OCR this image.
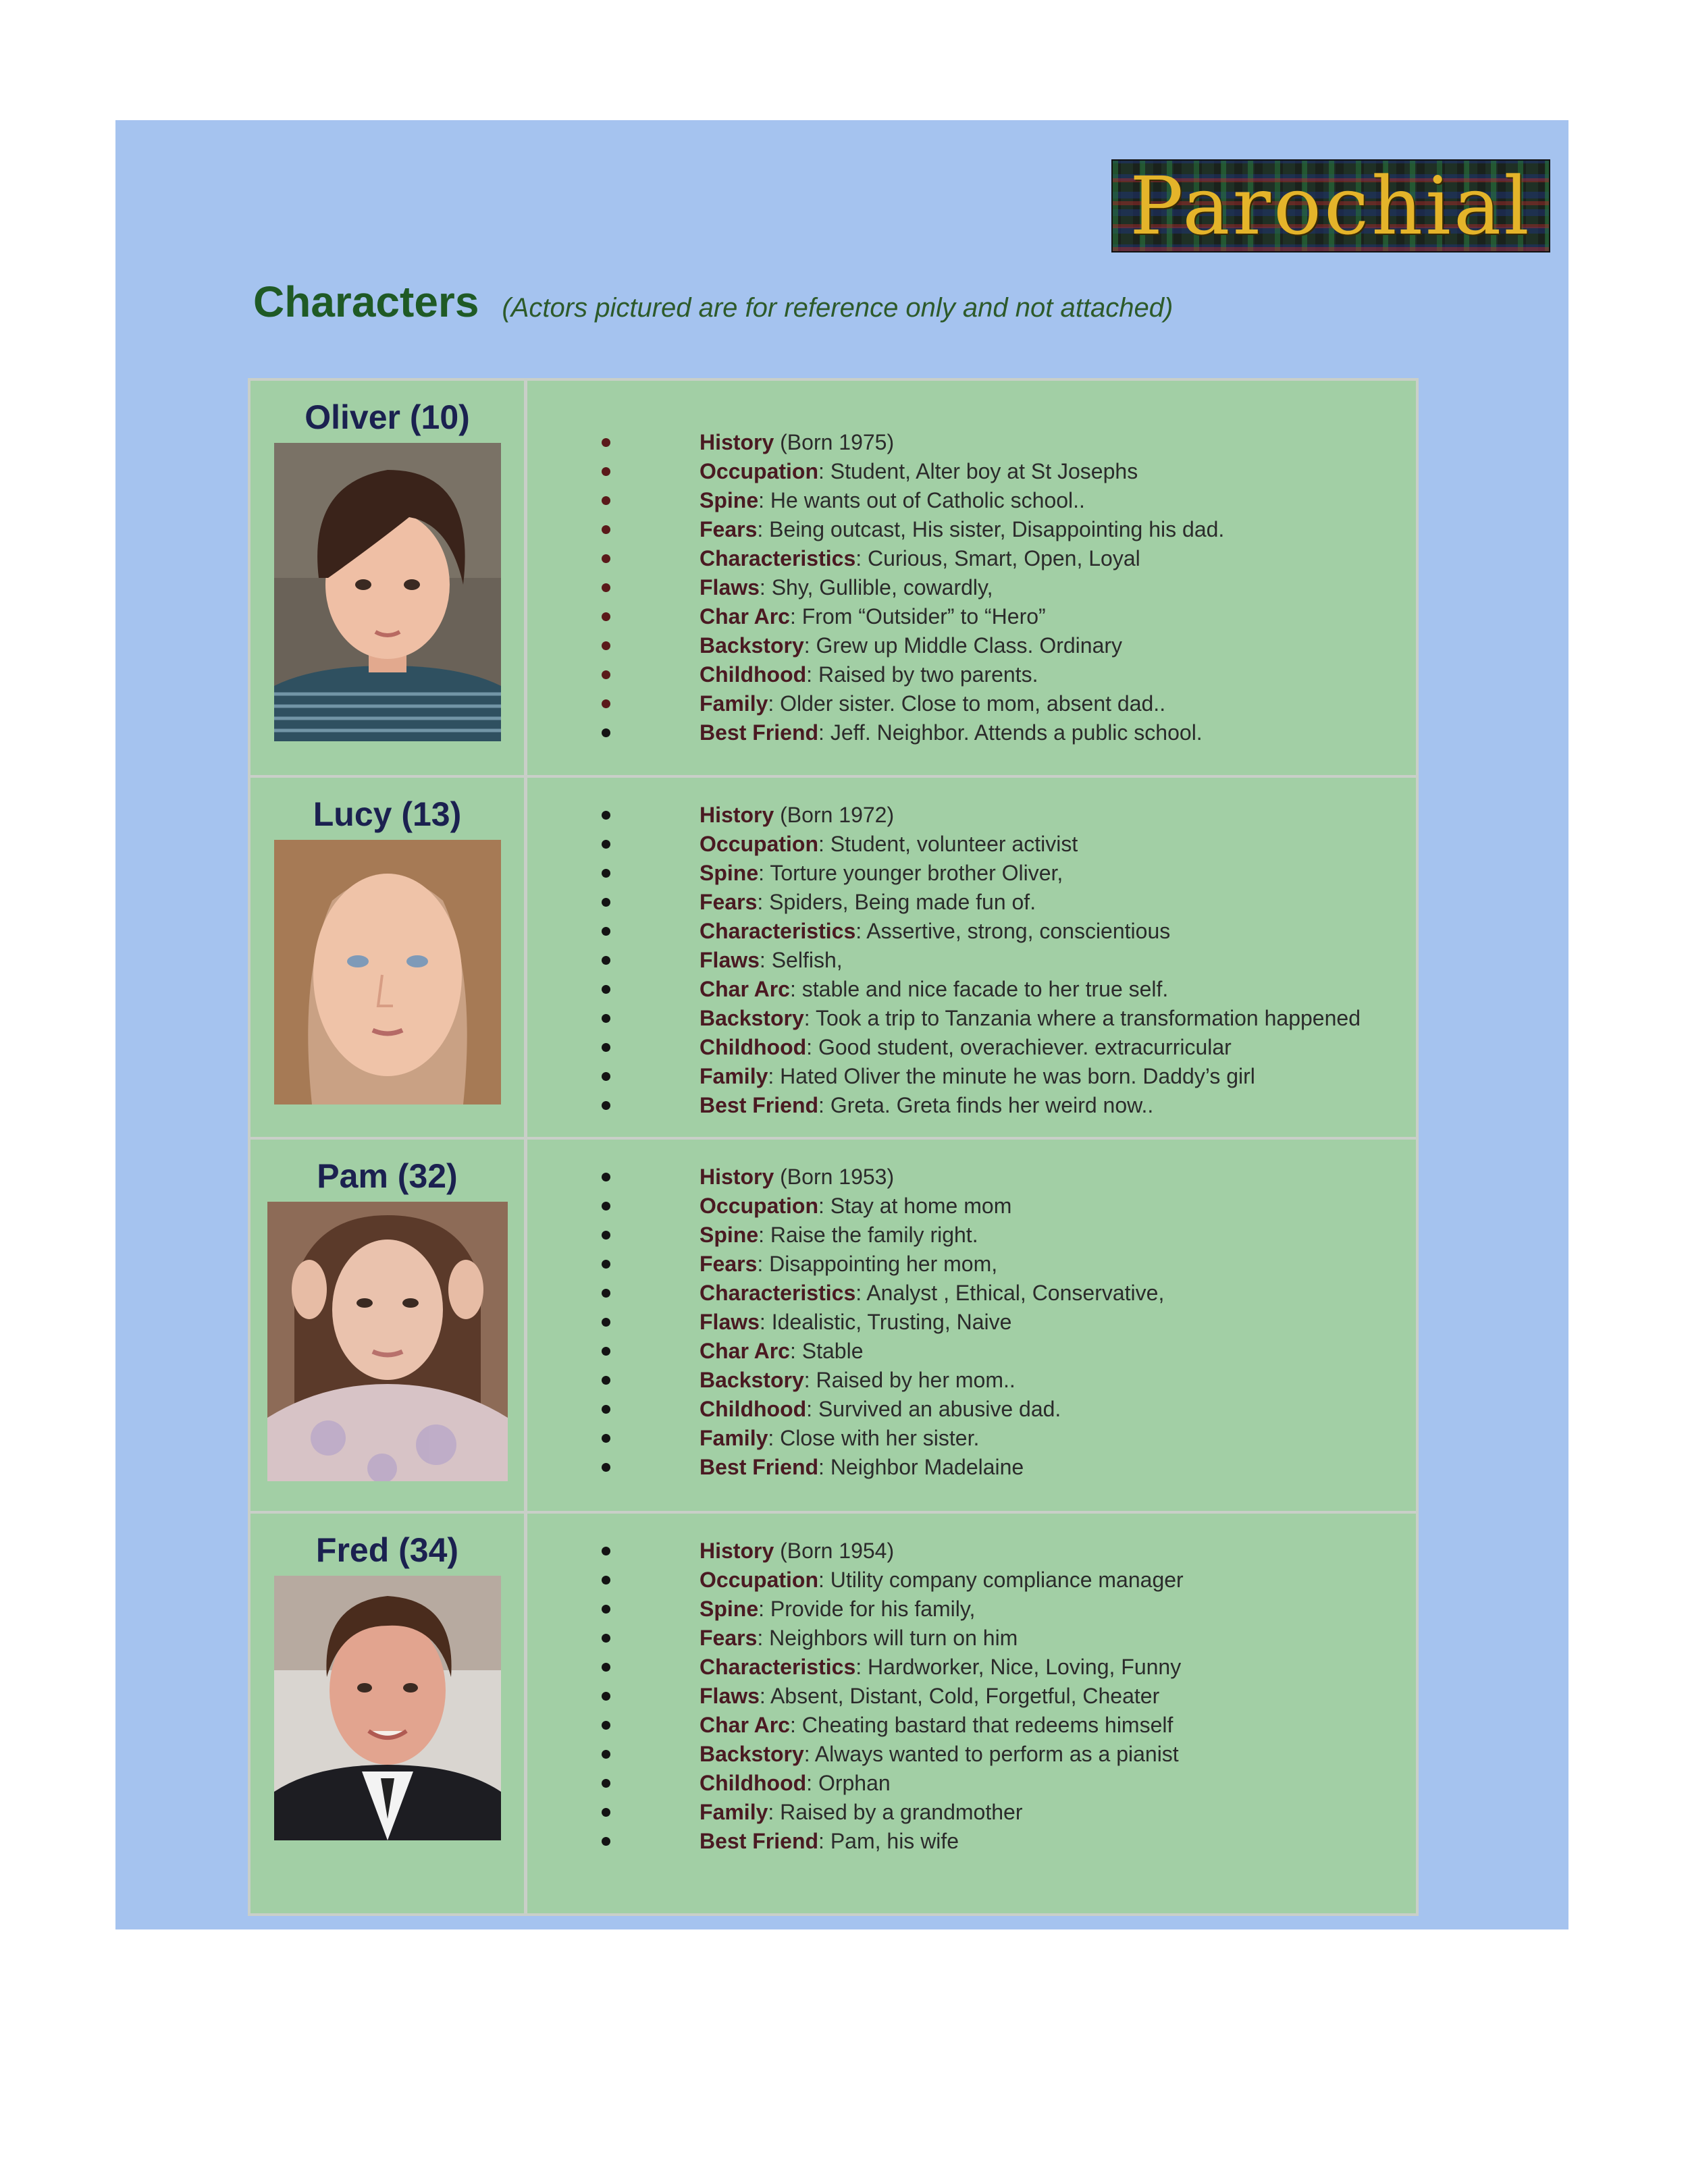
Parochial
Characters (Actors pictured are for reference only and not attached)
Oliver (10)
History (Born 1975)
Occupation: Student, Alter boy at St Josephs
Spine: He wants out of Catholic school..
Fears: Being outcast, His sister, Disappointing his dad.
Characteristics: Curious, Smart, Open, Loyal
Flaws: Shy, Gullible, cowardly,
Char Arc: From “Outsider” to “Hero”
Backstory: Grew up Middle Class. Ordinary
Childhood: Raised by two parents.
Family: Older sister. Close to mom, absent dad..
Best Friend: Jeff. Neighbor. Attends a public school.
Lucy (13)	History (Born 1972)
Occupation: Student, volunteer activist
Spine: Torture younger brother Oliver,
Fears: Spiders, Being made fun of.
Characteristics: Assertive, strong, conscientious
Flaws: Selfish,
Char Arc: stable and nice facade to her true self.
Backstory: Took a trip to Tanzania where a transformation happened
Childhood: Good student, overachiever. extracurricular
Family: Hated Oliver the minute he was born. Daddy’s girl
Best Friend: Greta. Greta finds her weird now..
Pam (32)	History (Born 1953)
Occupation: Stay at home mom
Spine: Raise the family right.
Fears: Disappointing her mom,
Characteristics: Analyst , Ethical, Conservative,
Flaws: Idealistic, Trusting, Naive
Char Arc: Stable
Backstory: Raised by her mom..
Childhood: Survived an abusive dad.
Family: Close with her sister.
Best Friend: Neighbor Madelaine
Fred (34)	History (Born 1954)
Occupation: Utility company compliance manager
Spine: Provide for his family,
Fears: Neighbors will turn on him
Characteristics: Hardworker, Nice, Loving, Funny
Flaws: Absent, Distant, Cold, Forgetful, Cheater
Char Arc: Cheating bastard that redeems himself
Backstory: Always wanted to perform as a pianist
Childhood: Orphan
Family: Raised by a grandmother
Best Friend: Pam, his wife
